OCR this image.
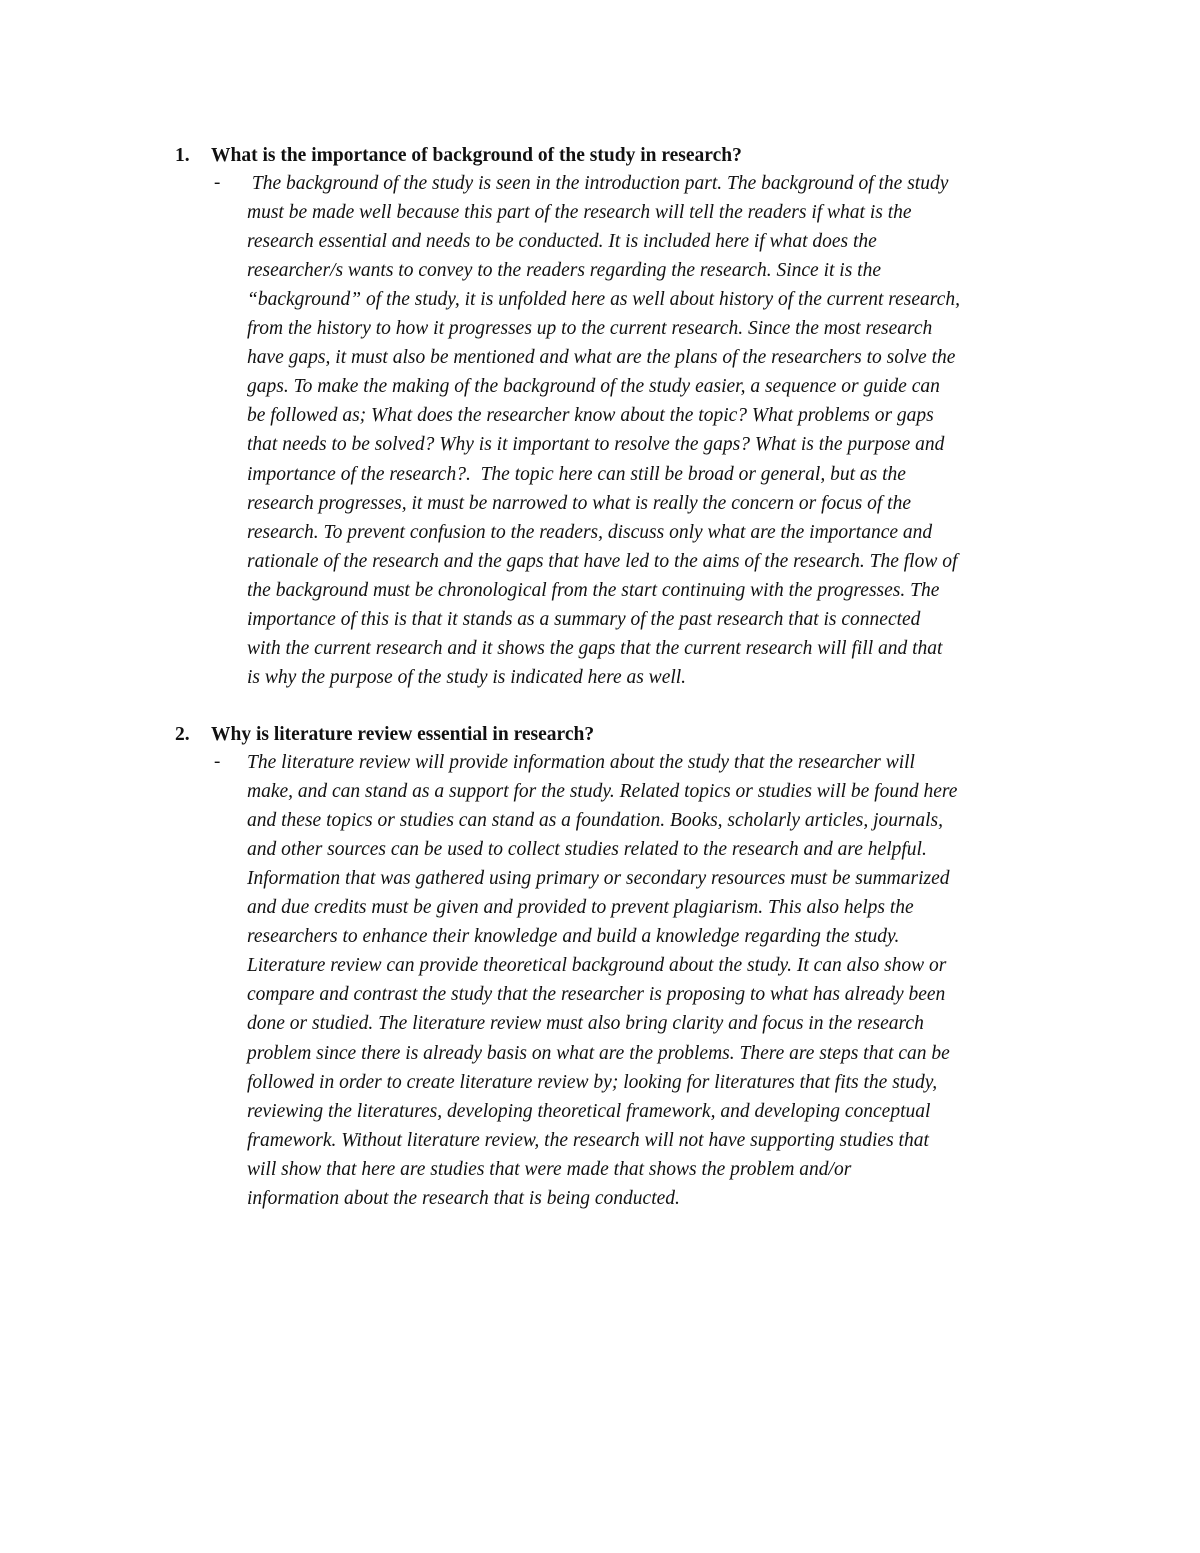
1. What is the importance of background of the study in research?
- The background of the study is seen in the introduction part. The background of the study
must be made well because this part of the research will tell the readers if what is the
research essential and needs to be conducted. It is included here if what does the
researcher/s wants to convey to the readers regarding the research. Since it is the
“background” of the study, it is unfolded here as well about history of the current research,
from the history to how it progresses up to the current research. Since the most research
have gaps, it must also be mentioned and what are the plans of the researchers to solve the
gaps. To make the making of the background of the study easier, a sequence or guide can
be followed as; What does the researcher know about the topic? What problems or gaps
that needs to be solved? Why is it important to resolve the gaps? What is the purpose and
importance of the research?.  The topic here can still be broad or general, but as the
research progresses, it must be narrowed to what is really the concern or focus of the
research. To prevent confusion to the readers, discuss only what are the importance and
rationale of the research and the gaps that have led to the aims of the research. The flow of
the background must be chronological from the start continuing with the progresses. The
importance of this is that it stands as a summary of the past research that is connected
with the current research and it shows the gaps that the current research will fill and that
is why the purpose of the study is indicated here as well.
2. Why is literature review essential in research?
- The literature review will provide information about the study that the researcher will
make, and can stand as a support for the study. Related topics or studies will be found here
and these topics or studies can stand as a foundation. Books, scholarly articles, journals,
and other sources can be used to collect studies related to the research and are helpful.
Information that was gathered using primary or secondary resources must be summarized
and due credits must be given and provided to prevent plagiarism. This also helps the
researchers to enhance their knowledge and build a knowledge regarding the study.
Literature review can provide theoretical background about the study. It can also show or
compare and contrast the study that the researcher is proposing to what has already been
done or studied. The literature review must also bring clarity and focus in the research
problem since there is already basis on what are the problems. There are steps that can be
followed in order to create literature review by; looking for literatures that fits the study,
reviewing the literatures, developing theoretical framework, and developing conceptual
framework. Without literature review, the research will not have supporting studies that
will show that here are studies that were made that shows the problem and/or
information about the research that is being conducted.
